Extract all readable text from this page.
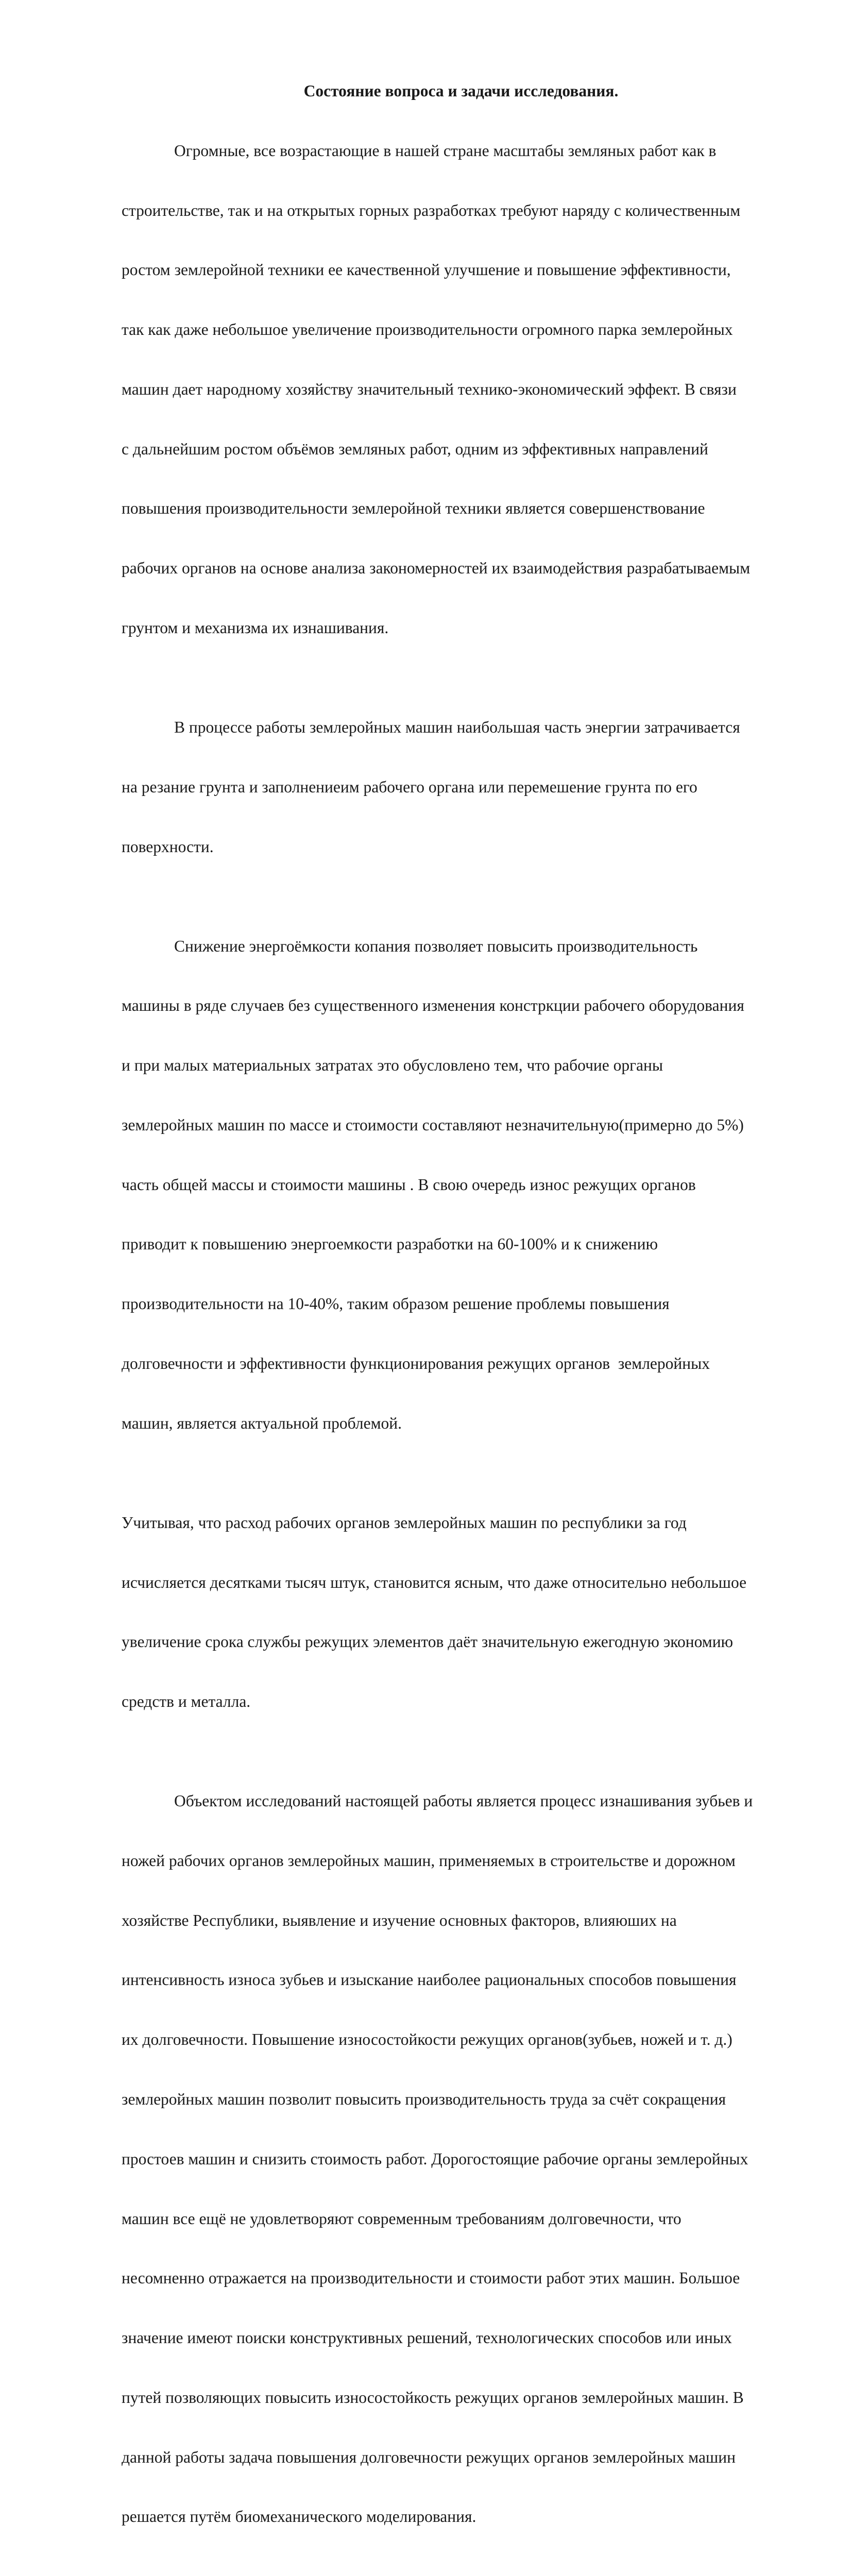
Состояние вопроса и задачи исследования.

Огромные, все возрастающие в нашей стране масштабы земляных работ как в

строительстве, так и на открытых горных разработках требуют наряду с количественным

ростом землеройной техники ее качественной улучшение и повышение эффективности,

так как даже небольшое увеличение производительности огромного парка землеройных

машин дает народному хозяйству значительный технико-экономический эффект. В связи

с дальнейшим ростом объёмов земляных работ, одним из эффективных направлений

повышения производительности землеройной техники является совершенствование

рабочих органов на основе анализа закономерностей их взаимодействия разрабатываемым

грунтом и механизма их изнашивания.

В процессе работы землеройных машин наибольшая часть энергии затрачивается

на резание грунта и заполнениеим рабочего органа или перемешение грунта по его

поверхности.

Снижение энергоёмкости копания позволяет повысить производительность

машины в ряде случаев без существенного изменения констркции рабочего оборудования

и при малых материальных затратах это обусловлено тем, что рабочие органы

землеройных машин по массе и стоимости составляют незначительную(примерно до 5%)

часть общей массы и стоимости машины . В свою очередь износ режущих органов

приводит к повышению энергоемкости разработки на 60-100% и к снижению

производительности на 10-40%, таким образом решение проблемы повышения

долговечности и эффективности функционирования режущих органов  землеройных

машин, является актуальной проблемой.

Учитывая, что расход рабочих органов землеройных машин по республики за год

исчисляется десятками тысяч штук, становится ясным, что даже относительно небольшое

увеличение срока службы режущих элементов даёт значительную ежегодную экономию

средств и металла.

Объектом исследований настоящей работы является процесс изнашивания зубьев и

ножей рабочих органов землеройных машин, применяемых в строительстве и дорожном

хозяйстве Республики, выявление и изучение основных факторов, влияюших на

интенсивность износа зубьев и изыскание наиболее рациональных способов повышения

их долговечности. Повышение износостойкости режущих органов(зубьев, ножей и т. д.)

землеройных машин позволит повысить производительность труда за счёт сокращения

простоев машин и снизить стоимость работ. Дорогостоящие рабочие органы землеройных

машин все ещё не удовлетворяют современным требованиям долговечности, что

несомненно отражается на производительности и стоимости работ этих машин. Большое

значение имеют поиски конструктивных решений, технологических способов или иных

путей позволяющих повысить износостойкость режущих органов землеройных машин. В

данной работы задача повышения долговечности режущих органов землеройных машин

решается путём биомеханического моделирования.
